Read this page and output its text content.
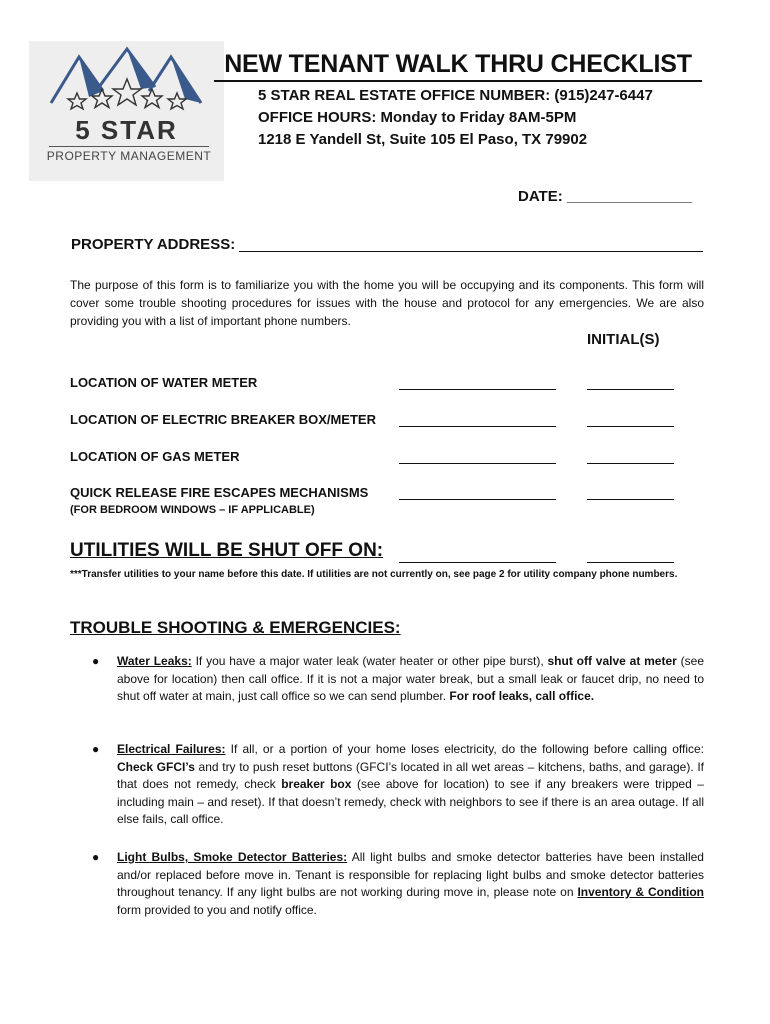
5 STAR
PROPERTY MANAGEMENT
NEW TENANT WALK THRU CHECKLIST
5 STAR REAL ESTATE OFFICE NUMBER: (915)247-6447
OFFICE HOURS: Monday to Friday 8AM-5PM
1218 E Yandell St, Suite 105 El Paso, TX 79902
DATE: _______________
PROPERTY ADDRESS:
The purpose of this form is to familiarize you with the home you will be occupying and its components. This form will cover some trouble shooting procedures for issues with the house and protocol for any emergencies. We are also providing you with a list of important phone numbers.
INITIAL(S)
LOCATION OF WATER METER
LOCATION OF ELECTRIC BREAKER BOX/METER
LOCATION OF GAS METER
QUICK RELEASE FIRE ESCAPES MECHANISMS
(FOR BEDROOM WINDOWS – IF APPLICABLE)
UTILITIES WILL BE SHUT OFF ON:
***Transfer utilities to your name before this date. If utilities are not currently on, see page 2 for utility company phone numbers.
TROUBLE SHOOTING & EMERGENCIES:
● Water Leaks: If you have a major water leak (water heater or other pipe burst), shut off valve at meter (see above for location) then call office. If it is not a major water break, but a small leak or faucet drip, no need to shut off water at main, just call office so we can send plumber. For roof leaks, call office.
● Electrical Failures: If all, or a portion of your home loses electricity, do the following before calling office: Check GFCI’s and try to push reset buttons (GFCI’s located in all wet areas – kitchens, baths, and garage). If that does not remedy, check breaker box (see above for location) to see if any breakers were tripped – including main – and reset). If that doesn’t remedy, check with neighbors to see if there is an area outage. If all else fails, call office.
● Light Bulbs, Smoke Detector Batteries: All light bulbs and smoke detector batteries have been installed and/or replaced before move in. Tenant is responsible for replacing light bulbs and smoke detector batteries throughout tenancy. If any light bulbs are not working during move in, please note on Inventory & Condition form provided to you and notify office.
